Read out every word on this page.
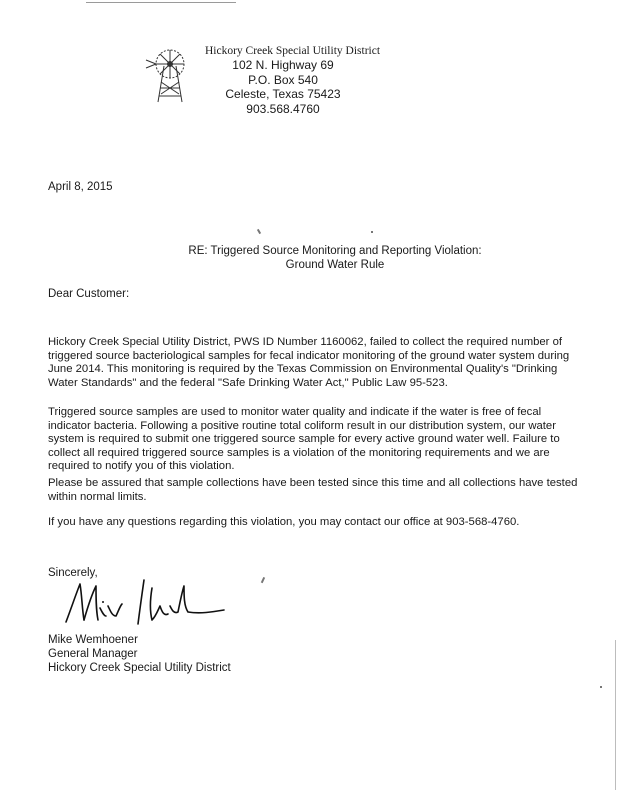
Hickory Creek Special Utility District
102 N. Highway 69
P.O. Box 540
Celeste, Texas 75423
903.568.4760
April 8, 2015
RE: Triggered Source Monitoring and Reporting Violation:
Ground Water Rule
Dear Customer:
Hickory Creek Special Utility District, PWS ID Number 1160062, failed to collect the required number of triggered source bacteriological samples for fecal indicator monitoring of the ground water system during June 2014. This monitoring is required by the Texas Commission on Environmental Quality's "Drinking Water Standards" and the federal "Safe Drinking Water Act," Public Law 95-523.
Triggered source samples are used to monitor water quality and indicate if the water is free of fecal indicator bacteria. Following a positive routine total coliform result in our distribution system, our water system is required to submit one triggered source sample for every active ground water well. Failure to collect all required triggered source samples is a violation of the monitoring requirements and we are required to notify you of this violation.
Please be assured that sample collections have been tested since this time and all collections have tested within normal limits.
If you have any questions regarding this violation, you may contact our office at 903-568-4760.
Sincerely,
Mike Wemhoener
General Manager
Hickory Creek Special Utility District
